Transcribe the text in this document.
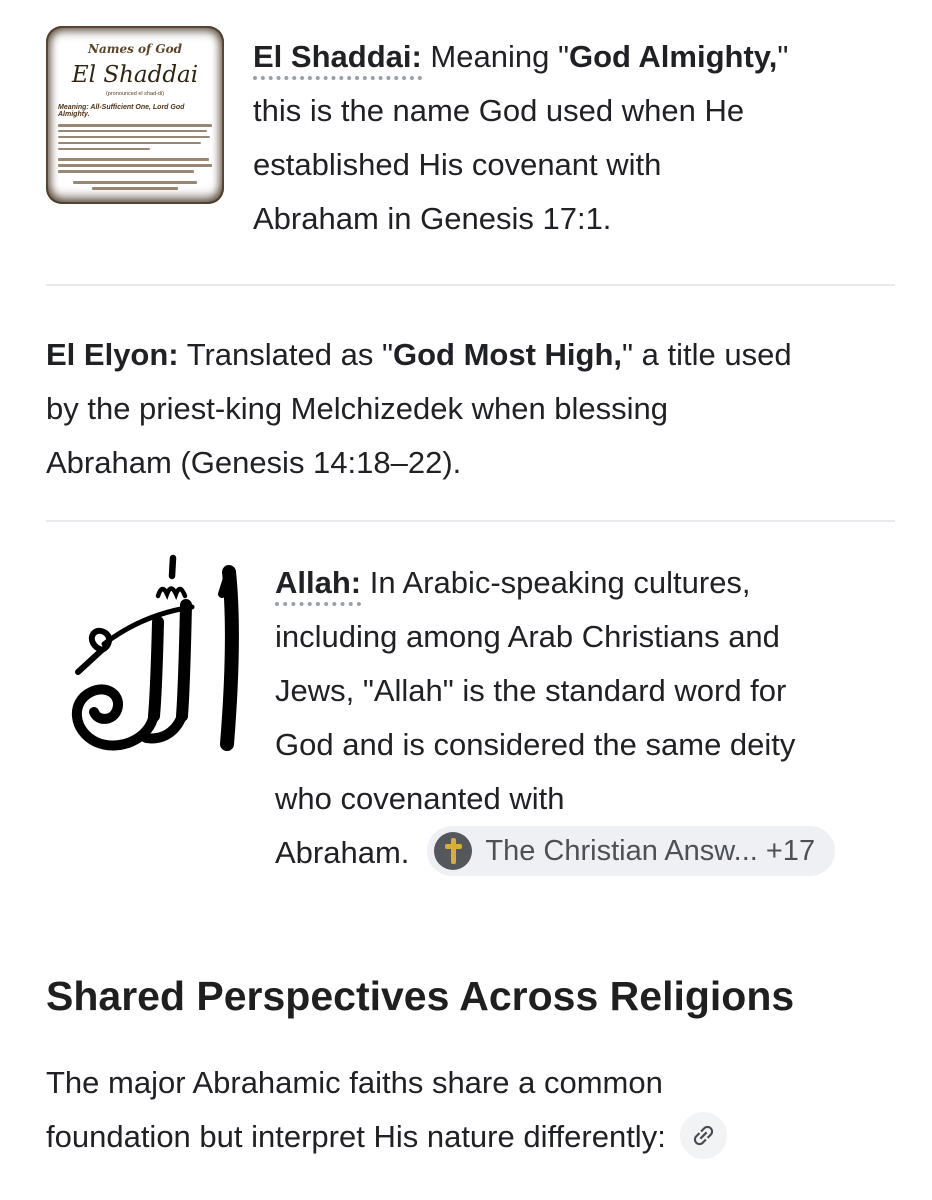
Names of God
El Shaddai
(pronounced el shad-di)
Meaning: All-Sufficient One, Lord God Almighty.
El Shaddai: Meaning "God Almighty,"
this is the name God used when He
established His covenant with
Abraham in Genesis 17:1.
El Elyon: Translated as "God Most High," a title used
by the priest-king Melchizedek when blessing
Abraham (Genesis 14:18–22).
Allah: In Arabic-speaking cultures,
including among Arab Christians and
Jews, "Allah" is the standard word for
God and is considered the same deity
who covenanted with
Abraham.	The Christian Answ... +17
Shared Perspectives Across Religions
The major Abrahamic faiths share a common
foundation but interpret His nature differently:
